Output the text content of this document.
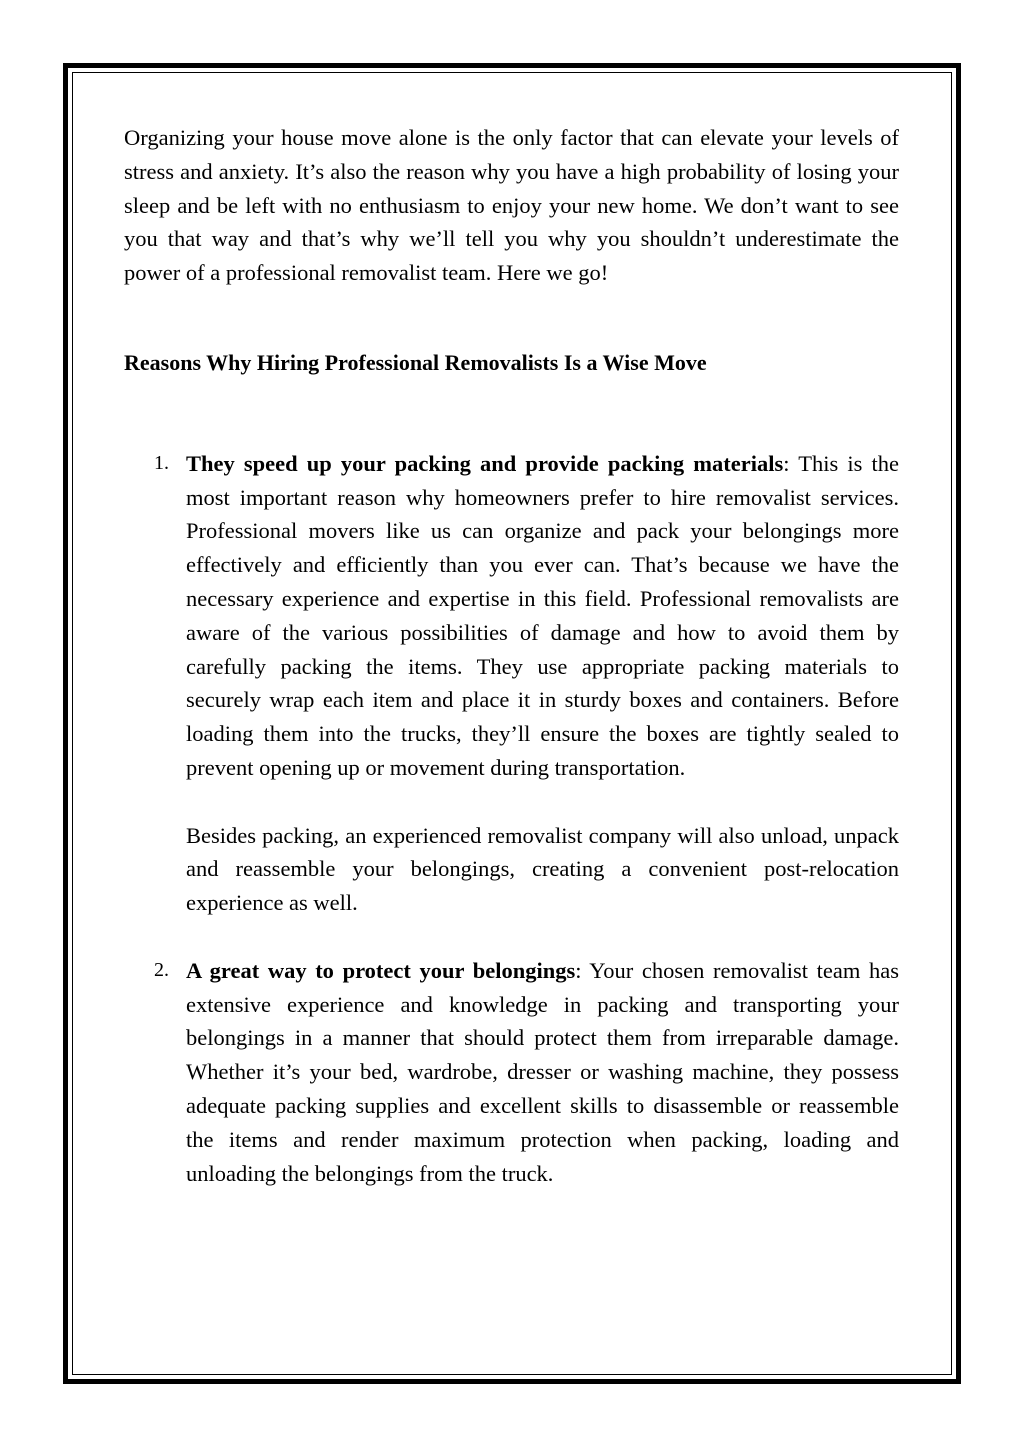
Organizing your house move alone is the only factor that can elevate your levels of stress and anxiety. It’s also the reason why you have a high probability of losing your sleep and be left with no enthusiasm to enjoy your new home. We don’t want to see you that way and that’s why we’ll tell you why you shouldn’t underestimate the power of a professional removalist team. Here we go!

Reasons Why Hiring Professional Removalists Is a Wise Move
1. They speed up your packing and provide packing materials: This is the most important reason why homeowners prefer to hire removalist services. Professional movers like us can organize and pack your belongings more effectively and efficiently than you ever can. That’s because we have the necessary experience and expertise in this field. Professional removalists are aware of the various possibilities of damage and how to avoid them by carefully packing the items. They use appropriate packing materials to securely wrap each item and place it in sturdy boxes and containers. Before loading them into the trucks, they’ll ensure the boxes are tightly sealed to prevent opening up or movement during transportation.

Besides packing, an experienced removalist company will also unload, unpack and reassemble your belongings, creating a convenient post-relocation experience as well.

2. A great way to protect your belongings: Your chosen removalist team has extensive experience and knowledge in packing and transporting your belongings in a manner that should protect them from irreparable damage. Whether it’s your bed, wardrobe, dresser or washing machine, they possess adequate packing supplies and excellent skills to disassemble or reassemble the items and render maximum protection when packing, loading and unloading the belongings from the truck.
